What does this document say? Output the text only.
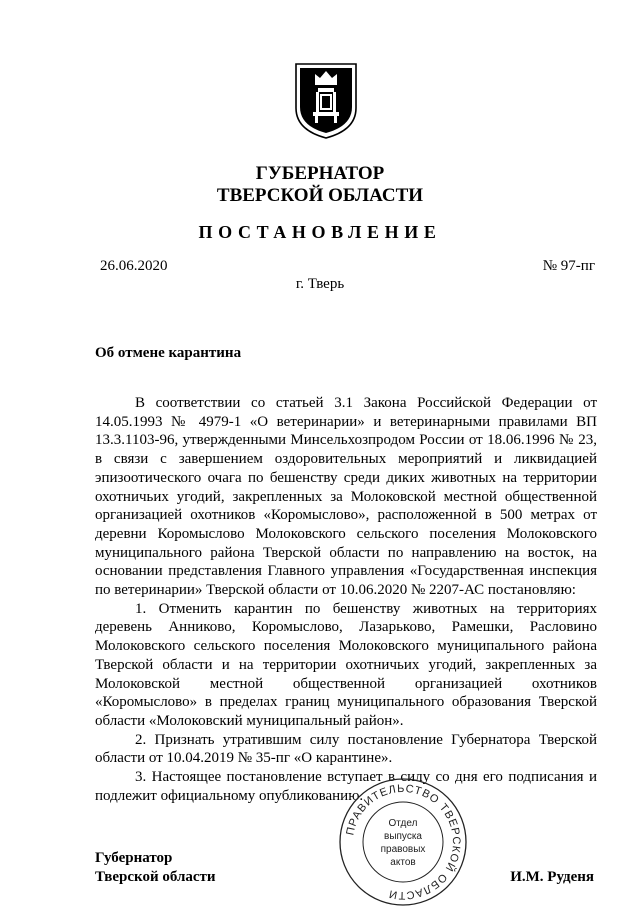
ГУБЕРНАТОР
ТВЕРСКОЙ ОБЛАСТИ
ПОСТАНОВЛЕНИЕ
26.06.2020	№ 97-пг
г. Тверь
Об отмене карантина

В соответствии со статьей 3.1 Закона Российской Федерации от 14.05.1993 № 4979-1 «О ветеринарии» и ветеринарными правилами ВП 13.3.1103-96, утвержденными Минсельхозпродом России от 18.06.1996 № 23, в связи с завершением оздоровительных мероприятий и ликвидацией эпизоотического очага по бешенству среди диких животных на территории охотничьих угодий, закрепленных за Молоковской местной общественной организацией охотников «Коромыслово», расположенной в 500 метрах от деревни Коромыслово Молоковского сельского поселения Молоковского муниципального района Тверской области по направлению на восток, на основании представления Главного управления «Государственная инспекция по ветеринарии» Тверской области от 10.06.2020 № 2207-АС постановляю:

1. Отменить карантин по бешенству животных на территориях деревень Анниково, Коромыслово, Лазарьково, Рамешки, Расловино Молоковского сельского поселения Молоковского муниципального района Тверской области и на территории охотничьих угодий, закрепленных за Молоковской местной общественной организацией охотников «Коромыслово» в пределах границ муниципального образования Тверской области «Молоковский муниципальный район».

2. Признать утратившим силу постановление Губернатора Тверской области от 10.04.2019 № 35-пг «О карантине».

3. Настоящее постановление вступает в силу со дня его подписания и подлежит официальному опубликованию.

ПРАВИТЕЛЬСТВО ТВЕРСКОЙ ОБЛАСТИ
Отдел
выпуска
правовых
актов
Губернатор
Тверской области	И.М. Руденя
